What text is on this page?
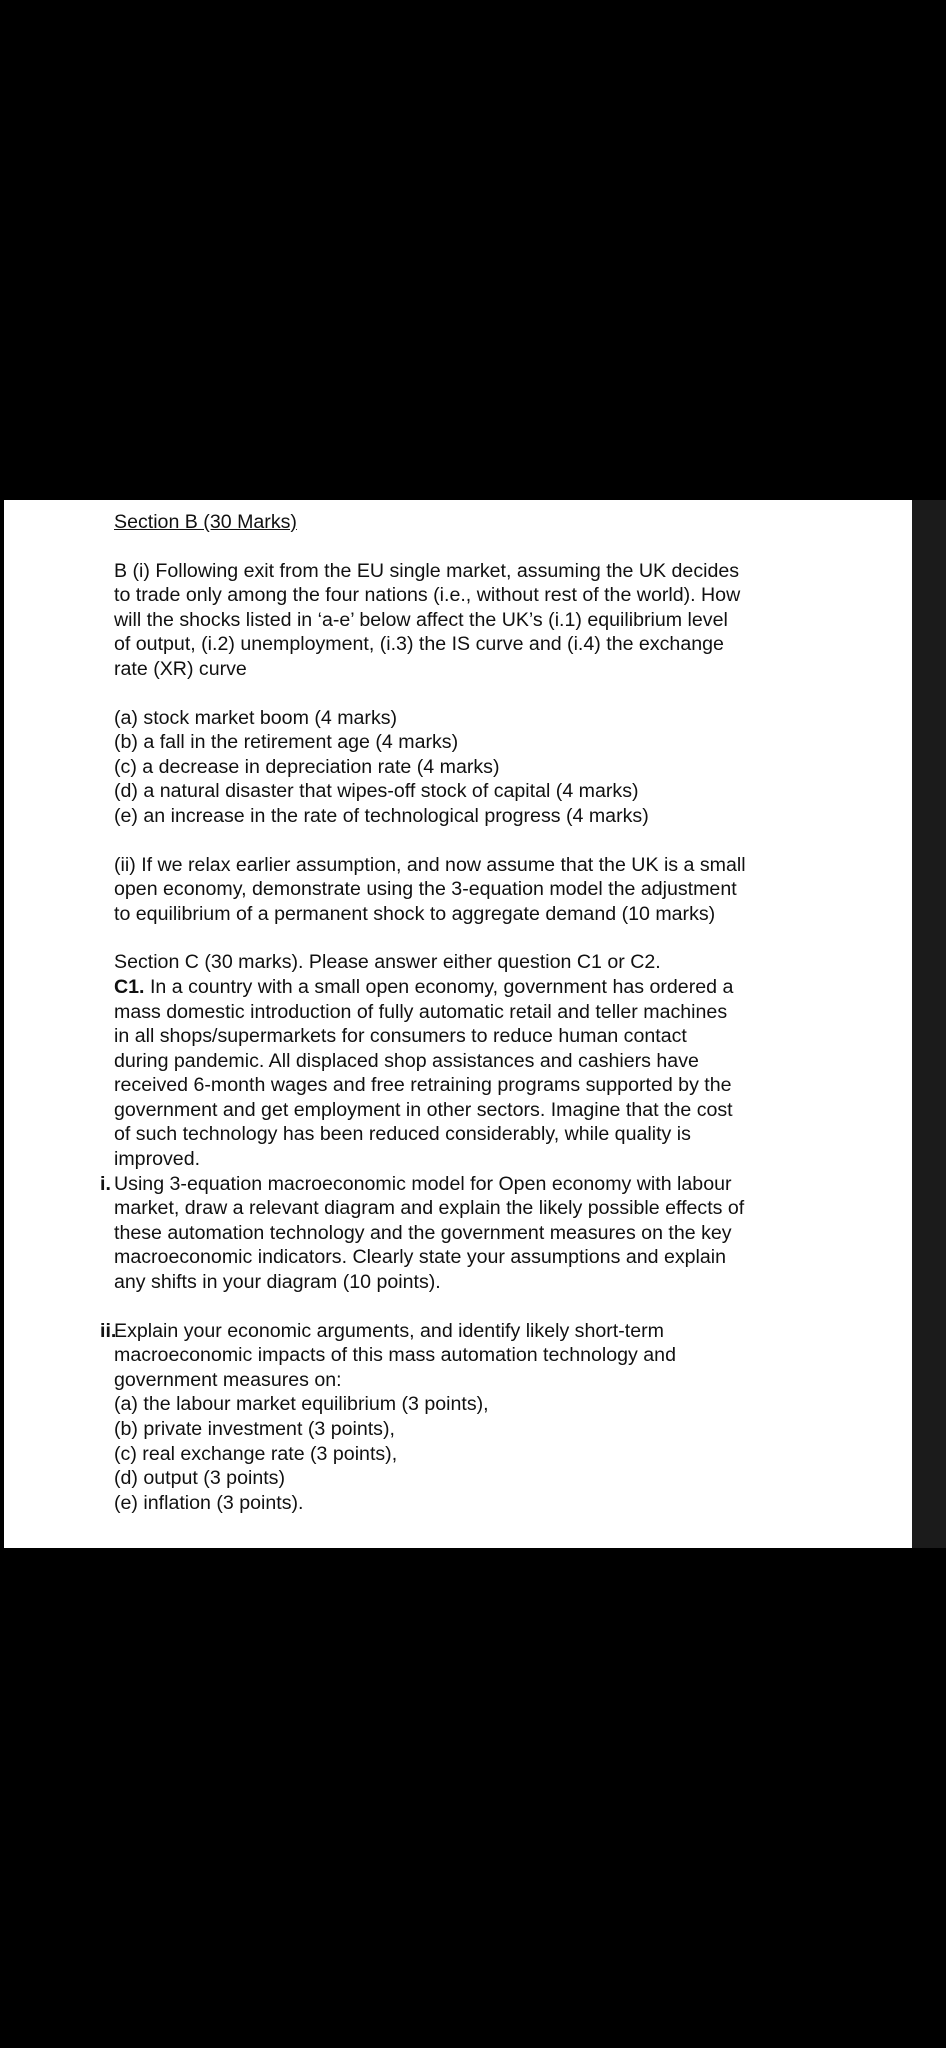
Section B (30 Marks)
B (i) Following exit from the EU single market, assuming the UK decides
to trade only among the four nations (i.e., without rest of the world). How
will the shocks listed in ‘a-e’ below affect the UK’s (i.1) equilibrium level
of output, (i.2) unemployment, (i.3) the IS curve and (i.4) the exchange
rate (XR) curve
(a) stock market boom (4 marks)
(b) a fall in the retirement age (4 marks)
(c) a decrease in depreciation rate (4 marks)
(d) a natural disaster that wipes-off stock of capital (4 marks)
(e) an increase in the rate of technological progress (4 marks)
(ii) If we relax earlier assumption, and now assume that the UK is a small
open economy, demonstrate using the 3-equation model the adjustment
to equilibrium of a permanent shock to aggregate demand (10 marks)
Section C (30 marks). Please answer either question C1 or C2.
C1. In a country with a small open economy, government has ordered a
mass domestic introduction of fully automatic retail and teller machines
in all shops/supermarkets for consumers to reduce human contact
during pandemic. All displaced shop assistances and cashiers have
received 6-month wages and free retraining programs supported by the
government and get employment in other sectors. Imagine that the cost
of such technology has been reduced considerably, while quality is
improved.
i. Using 3-equation macroeconomic model for Open economy with labour
market, draw a relevant diagram and explain the likely possible effects of
these automation technology and the government measures on the key
macroeconomic indicators. Clearly state your assumptions and explain
any shifts in your diagram (10 points).
ii.
Explain your economic arguments, and identify likely short-term
macroeconomic impacts of this mass automation technology and
government measures on:
(a) the labour market equilibrium (3 points),
(b) private investment (3 points),
(c) real exchange rate (3 points),
(d) output (3 points)
(e) inflation (3 points).
